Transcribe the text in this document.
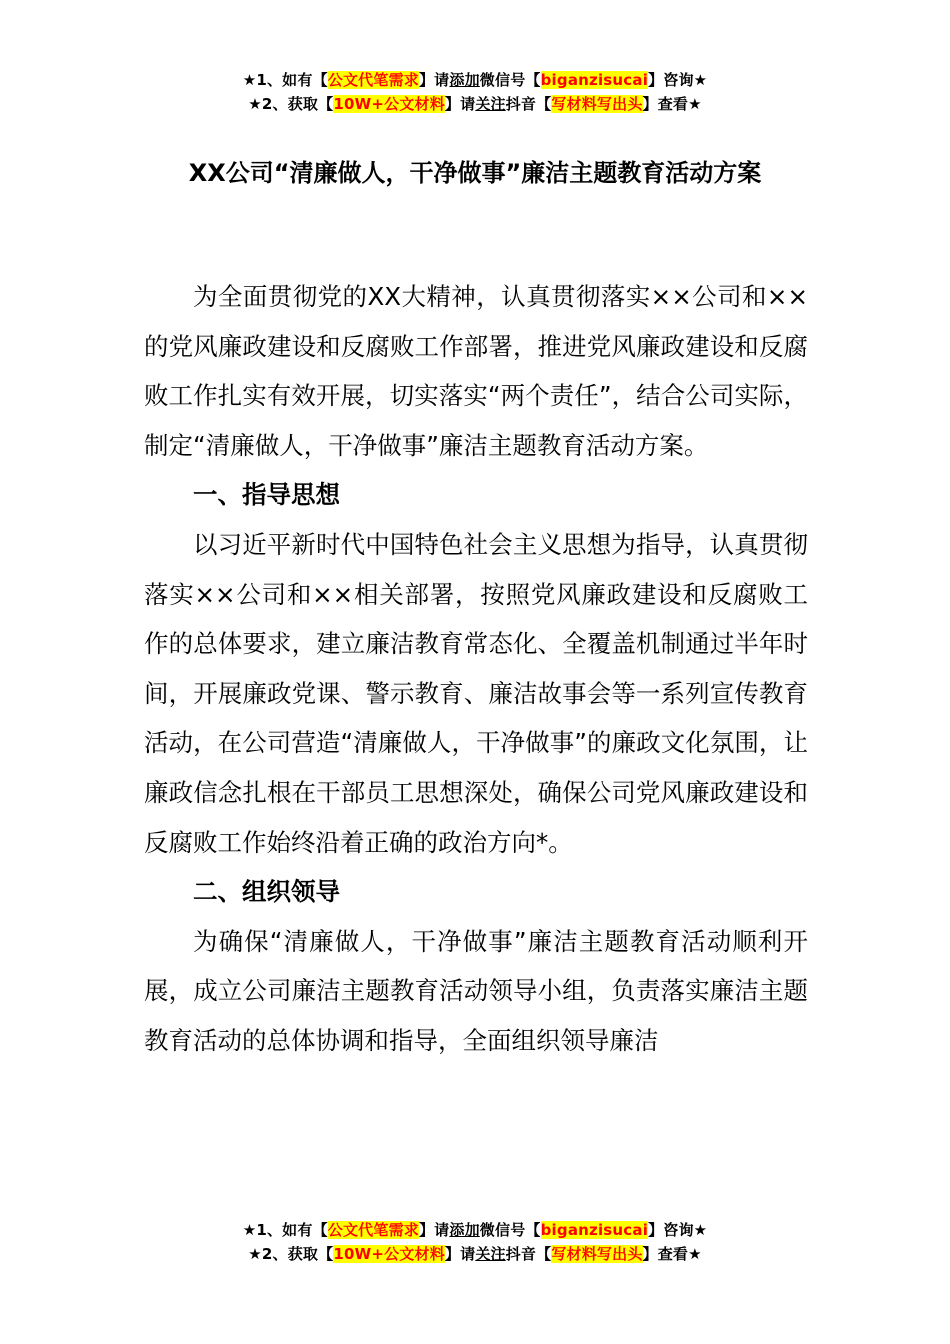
★1、如有【公文代笔需求】请添加微信号【biganzisucai】咨询★
★2、获取【10W+公文材料】请关注抖音【写材料写出头】查看★
XX公司“清廉做人，干净做事”廉洁主题教育活动方案

为全面贯彻党的XX大精神，认真贯彻落实××公司和××的党风廉政建设和反腐败工作部署，推进党风廉政建设和反腐败工作扎实有效开展，切实落实“两个责任”，结合公司实际，制定“清廉做人，干净做事”廉洁主题教育活动方案。

一、指导思想

以习近平新时代中国特色社会主义思想为指导，认真贯彻落实××公司和××相关部署，按照党风廉政建设和反腐败工作的总体要求，建立廉洁教育常态化、全覆盖机制通过半年时间，开展廉政党课、警示教育、廉洁故事会等一系列宣传教育活动，在公司营造“清廉做人，干净做事”的廉政文化氛围，让廉政信念扎根在干部员工思想深处，确保公司党风廉政建设和反腐败工作始终沿着正确的政治方向*。

二、组织领导

为确保“清廉做人，干净做事”廉洁主题教育活动顺利开展，成立公司廉洁主题教育活动领导小组，负责落实廉洁主题教育活动的总体协调和指导，全面组织领导廉洁

★1、如有【公文代笔需求】请添加微信号【biganzisucai】咨询★
★2、获取【10W+公文材料】请关注抖音【写材料写出头】查看★
